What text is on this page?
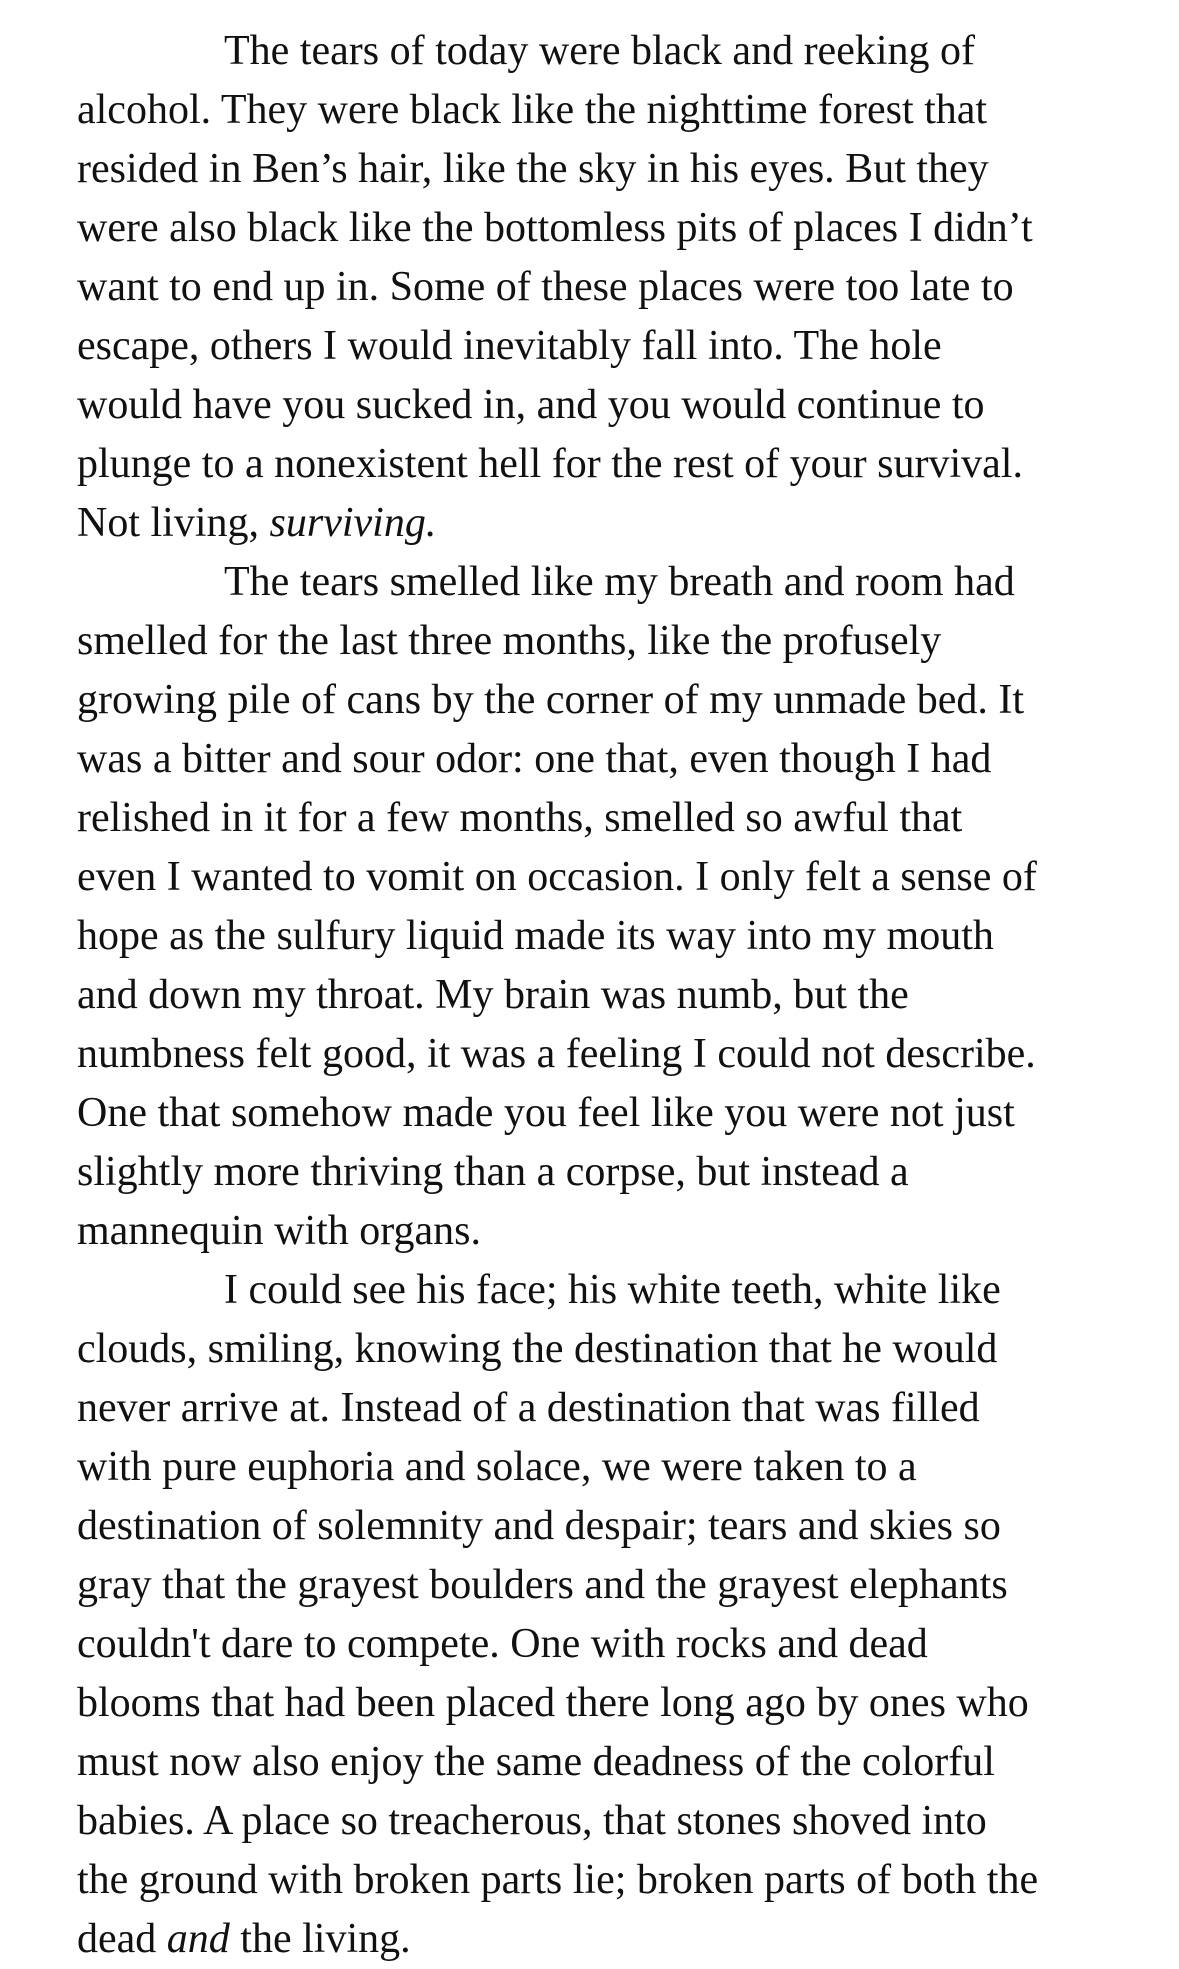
The tears of today were black and reeking of
alcohol. They were black like the nighttime forest that
resided in Ben’s hair, like the sky in his eyes. But they
were also black like the bottomless pits of places I didn’t
want to end up in. Some of these places were too late to
escape, others I would inevitably fall into. The hole
would have you sucked in, and you would continue to
plunge to a nonexistent hell for the rest of your survival.
Not living, surviving.
The tears smelled like my breath and room had
smelled for the last three months, like the profusely
growing pile of cans by the corner of my unmade bed. It
was a bitter and sour odor: one that, even though I had
relished in it for a few months, smelled so awful that
even I wanted to vomit on occasion. I only felt a sense of
hope as the sulfury liquid made its way into my mouth
and down my throat. My brain was numb, but the
numbness felt good, it was a feeling I could not describe.
One that somehow made you feel like you were not just
slightly more thriving than a corpse, but instead a
mannequin with organs.
I could see his face; his white teeth, white like
clouds, smiling, knowing the destination that he would
never arrive at. Instead of a destination that was filled
with pure euphoria and solace, we were taken to a
destination of solemnity and despair; tears and skies so
gray that the grayest boulders and the grayest elephants
couldn't dare to compete. One with rocks and dead
blooms that had been placed there long ago by ones who
must now also enjoy the same deadness of the colorful
babies. A place so treacherous, that stones shoved into
the ground with broken parts lie; broken parts of both the
dead and the living.
